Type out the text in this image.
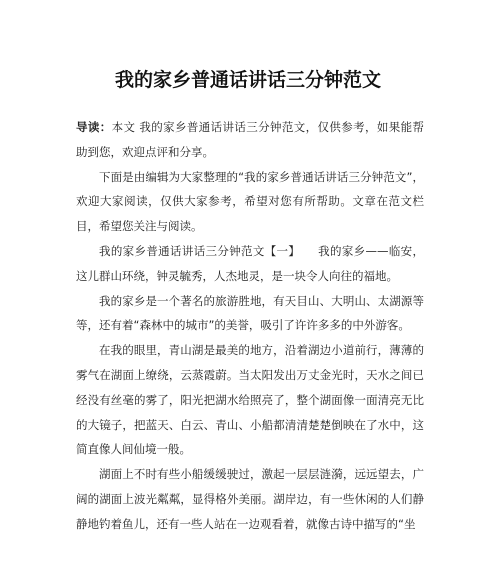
我的家乡普通话讲话三分钟范文

导读：本文 我的家乡普通话讲话三分钟范文，仅供参考，如果能帮助到您，欢迎点评和分享。

下面是由编辑为大家整理的“我的家乡普通话讲话三分钟范文”，欢迎大家阅读，仅供大家参考，希望对您有所帮助。文章在范文栏目，希望您关注与阅读。

我的家乡普通话讲话三分钟范文【一】　　我的家乡——临安，这儿群山环绕，钟灵毓秀，人杰地灵，是一块令人向往的福地。

我的家乡是一个著名的旅游胜地，有天目山、大明山、太湖源等等，还有着“森林中的城市”的美誉，吸引了许许多多的中外游客。

在我的眼里，青山湖是最美的地方，沿着湖边小道前行，薄薄的雾气在湖面上缭绕，云蒸霞蔚。当太阳发出万丈金光时，天水之间已经没有丝毫的雾了，阳光把湖水给照亮了，整个湖面像一面清亮无比的大镜子，把蓝天、白云、青山、小船都清清楚楚倒映在了水中，这简直像人间仙境一般。

湖面上不时有些小船缓缓驶过，激起一层层涟漪，远远望去，广阔的湖面上波光粼粼，显得格外美丽。湖岸边，有一些休闲的人们静静地钓着鱼儿，还有一些人站在一边观看着，就像古诗中描写的“坐
